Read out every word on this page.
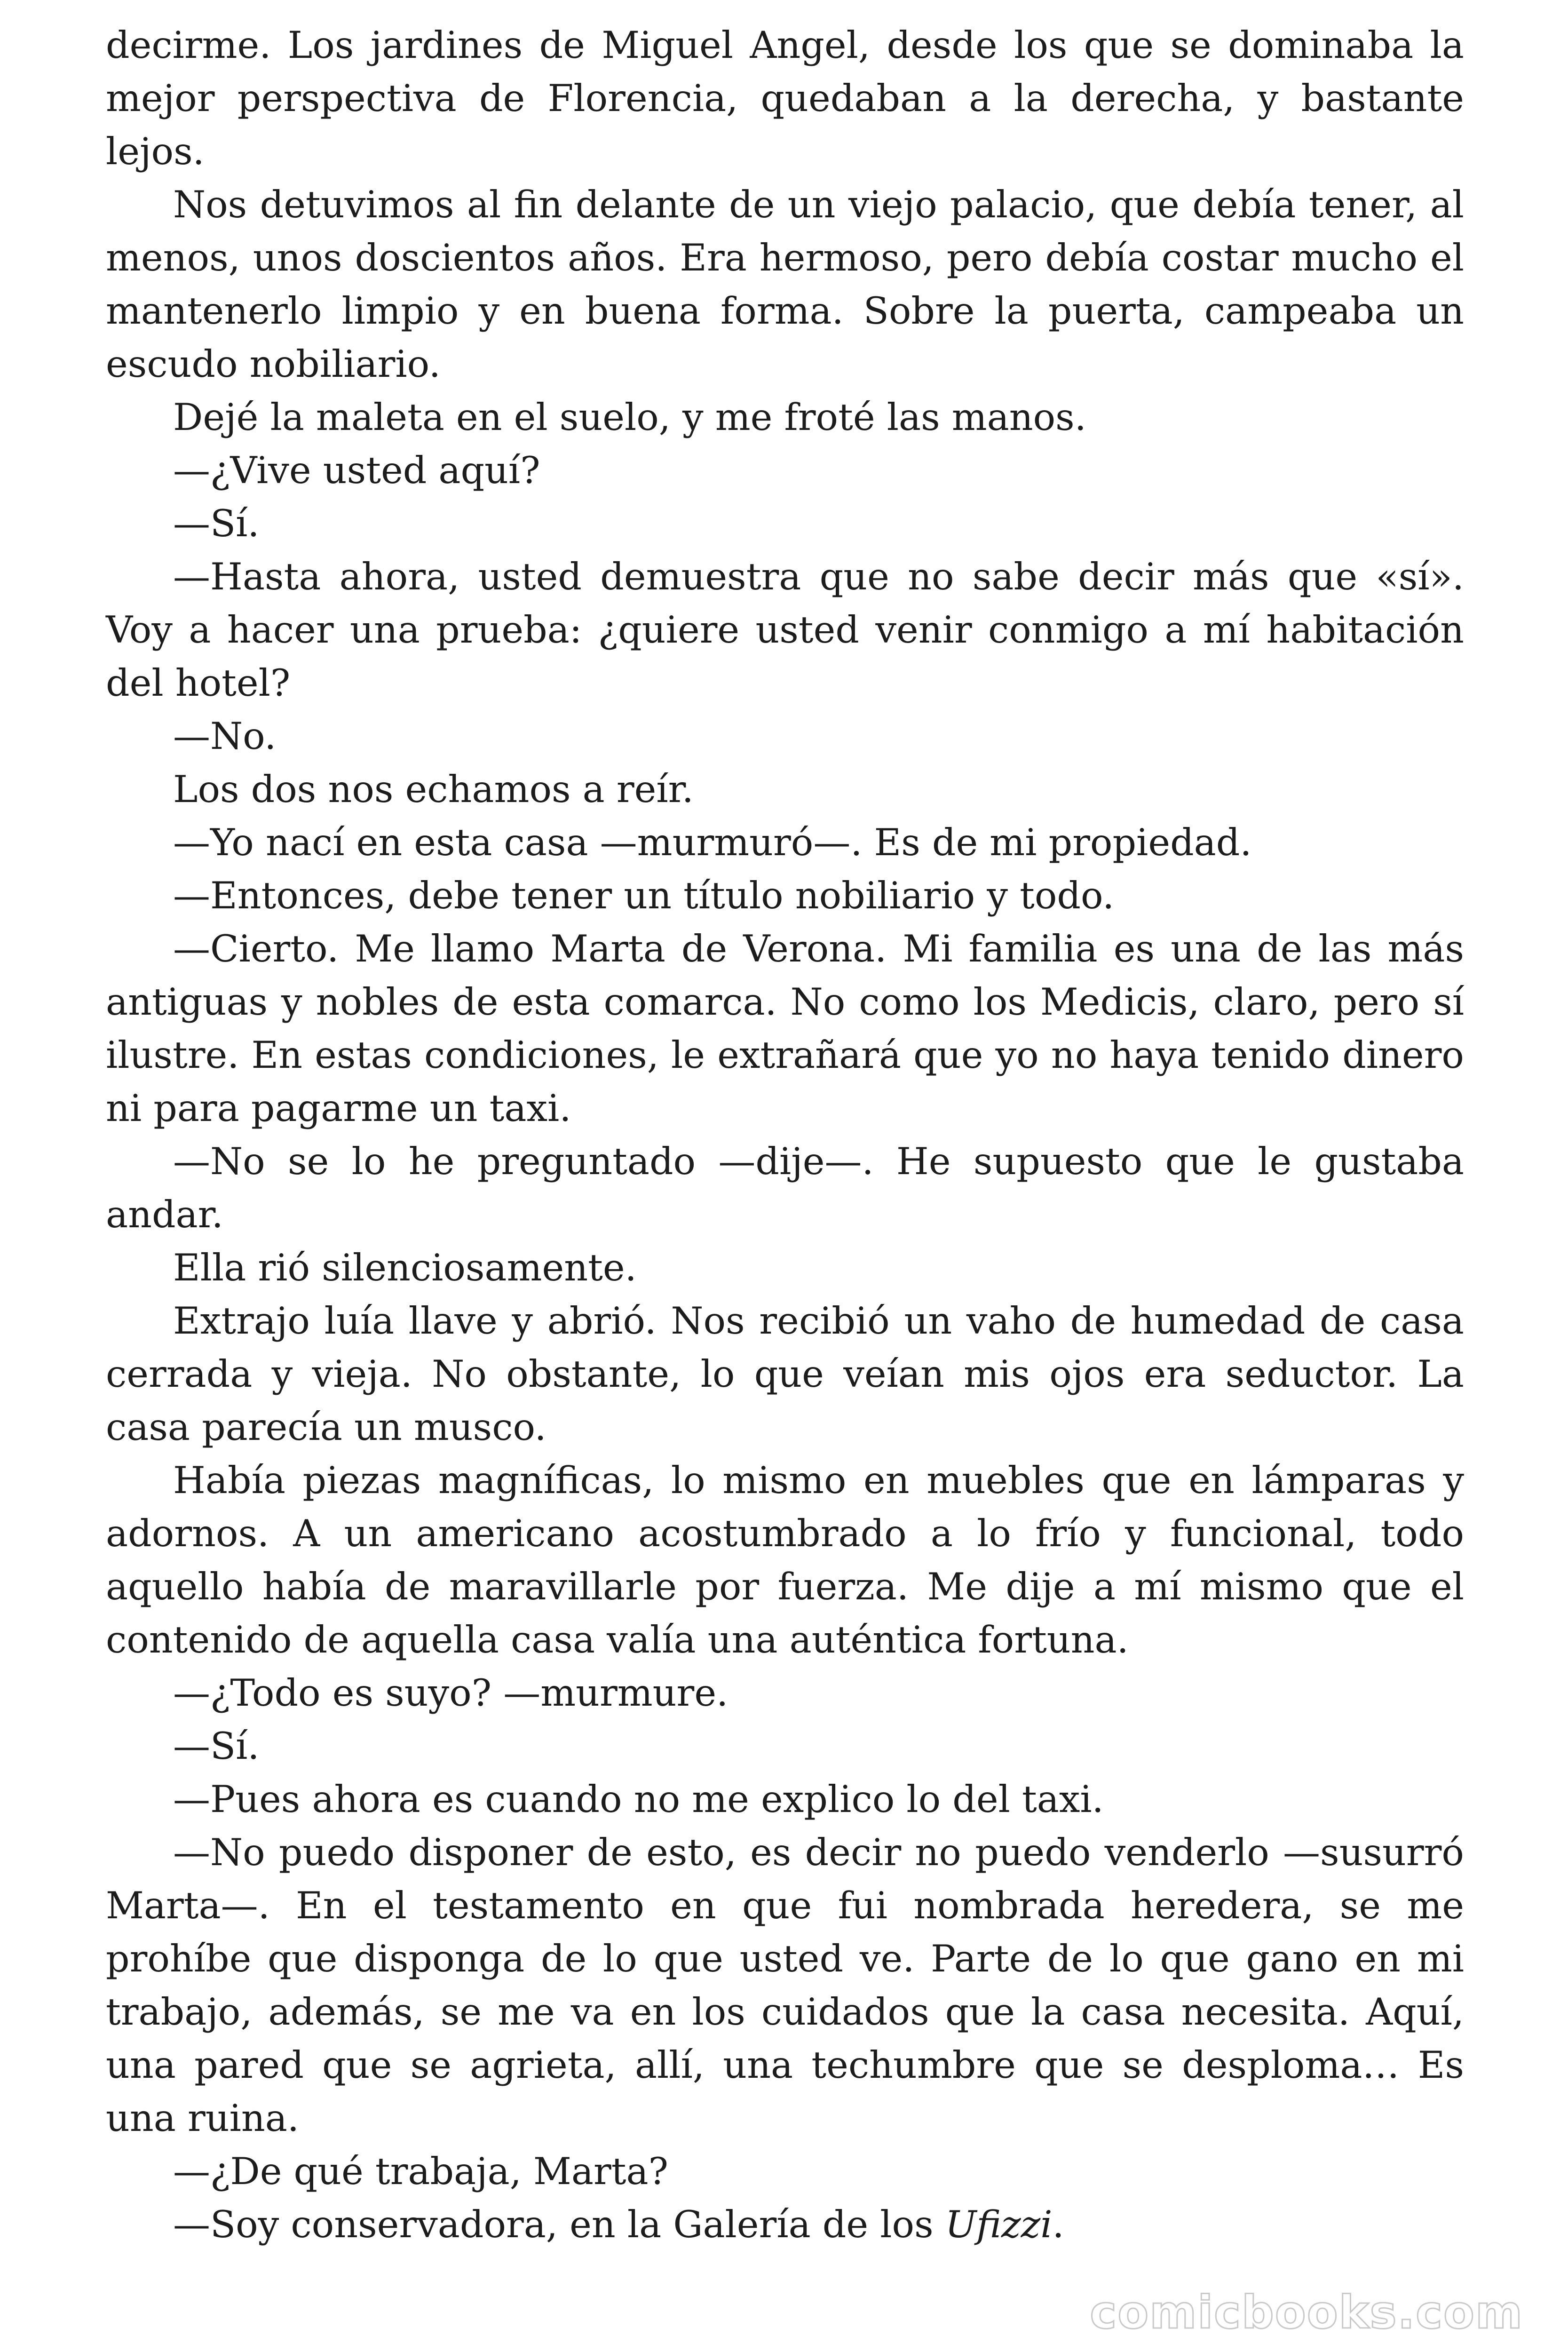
decirme. Los jardines de Miguel Angel, desde los que se dominaba la mejor perspectiva de Florencia, quedaban a la derecha, y bastante lejos.

Nos detuvimos al fin delante de un viejo palacio, que debía tener, al menos, unos doscientos años. Era hermoso, pero debía costar mucho el mantenerlo limpio y en buena forma. Sobre la puerta, campeaba un escudo nobiliario.

Dejé la maleta en el suelo, y me froté las manos.

—¿Vive usted aquí?

—Sí.

—Hasta ahora, usted demuestra que no sabe decir más que «sí». Voy a hacer una prueba: ¿quiere usted venir conmigo a mí habitación del hotel?

—No.

Los dos nos echamos a reír.

—Yo nací en esta casa —murmuró—. Es de mi propiedad.

—Entonces, debe tener un título nobiliario y todo.

—Cierto. Me llamo Marta de Verona. Mi familia es una de las más antiguas y nobles de esta comarca. No como los Medicis, claro, pero sí ilustre. En estas condiciones, le extrañará que yo no haya tenido dinero ni para pagarme un taxi.

—No se lo he preguntado —dije—. He supuesto que le gustaba andar.

Ella rió silenciosamente.

Extrajo luía llave y abrió. Nos recibió un vaho de humedad de casa cerrada y vieja. No obstante, lo que veían mis ojos era seductor. La casa parecía un musco.

Había piezas magníficas, lo mismo en muebles que en lámparas y adornos. A un americano acostumbrado a lo frío y funcional, todo aquello había de maravillarle por fuerza. Me dije a mí mismo que el contenido de aquella casa valía una auténtica fortuna.

—¿Todo es suyo? —murmure.

—Sí.

—Pues ahora es cuando no me explico lo del taxi.

—No puedo disponer de esto, es decir no puedo venderlo —susurró Marta—. En el testamento en que fui nombrada heredera, se me prohíbe que disponga de lo que usted ve. Parte de lo que gano en mi trabajo, además, se me va en los cuidados que la casa necesita. Aquí, una pared que se agrieta, allí, una techumbre que se desploma… Es una ruina.

—¿De qué trabaja, Marta?

—Soy conservadora, en la Galería de los Ufizzi.

comicbooks.com
